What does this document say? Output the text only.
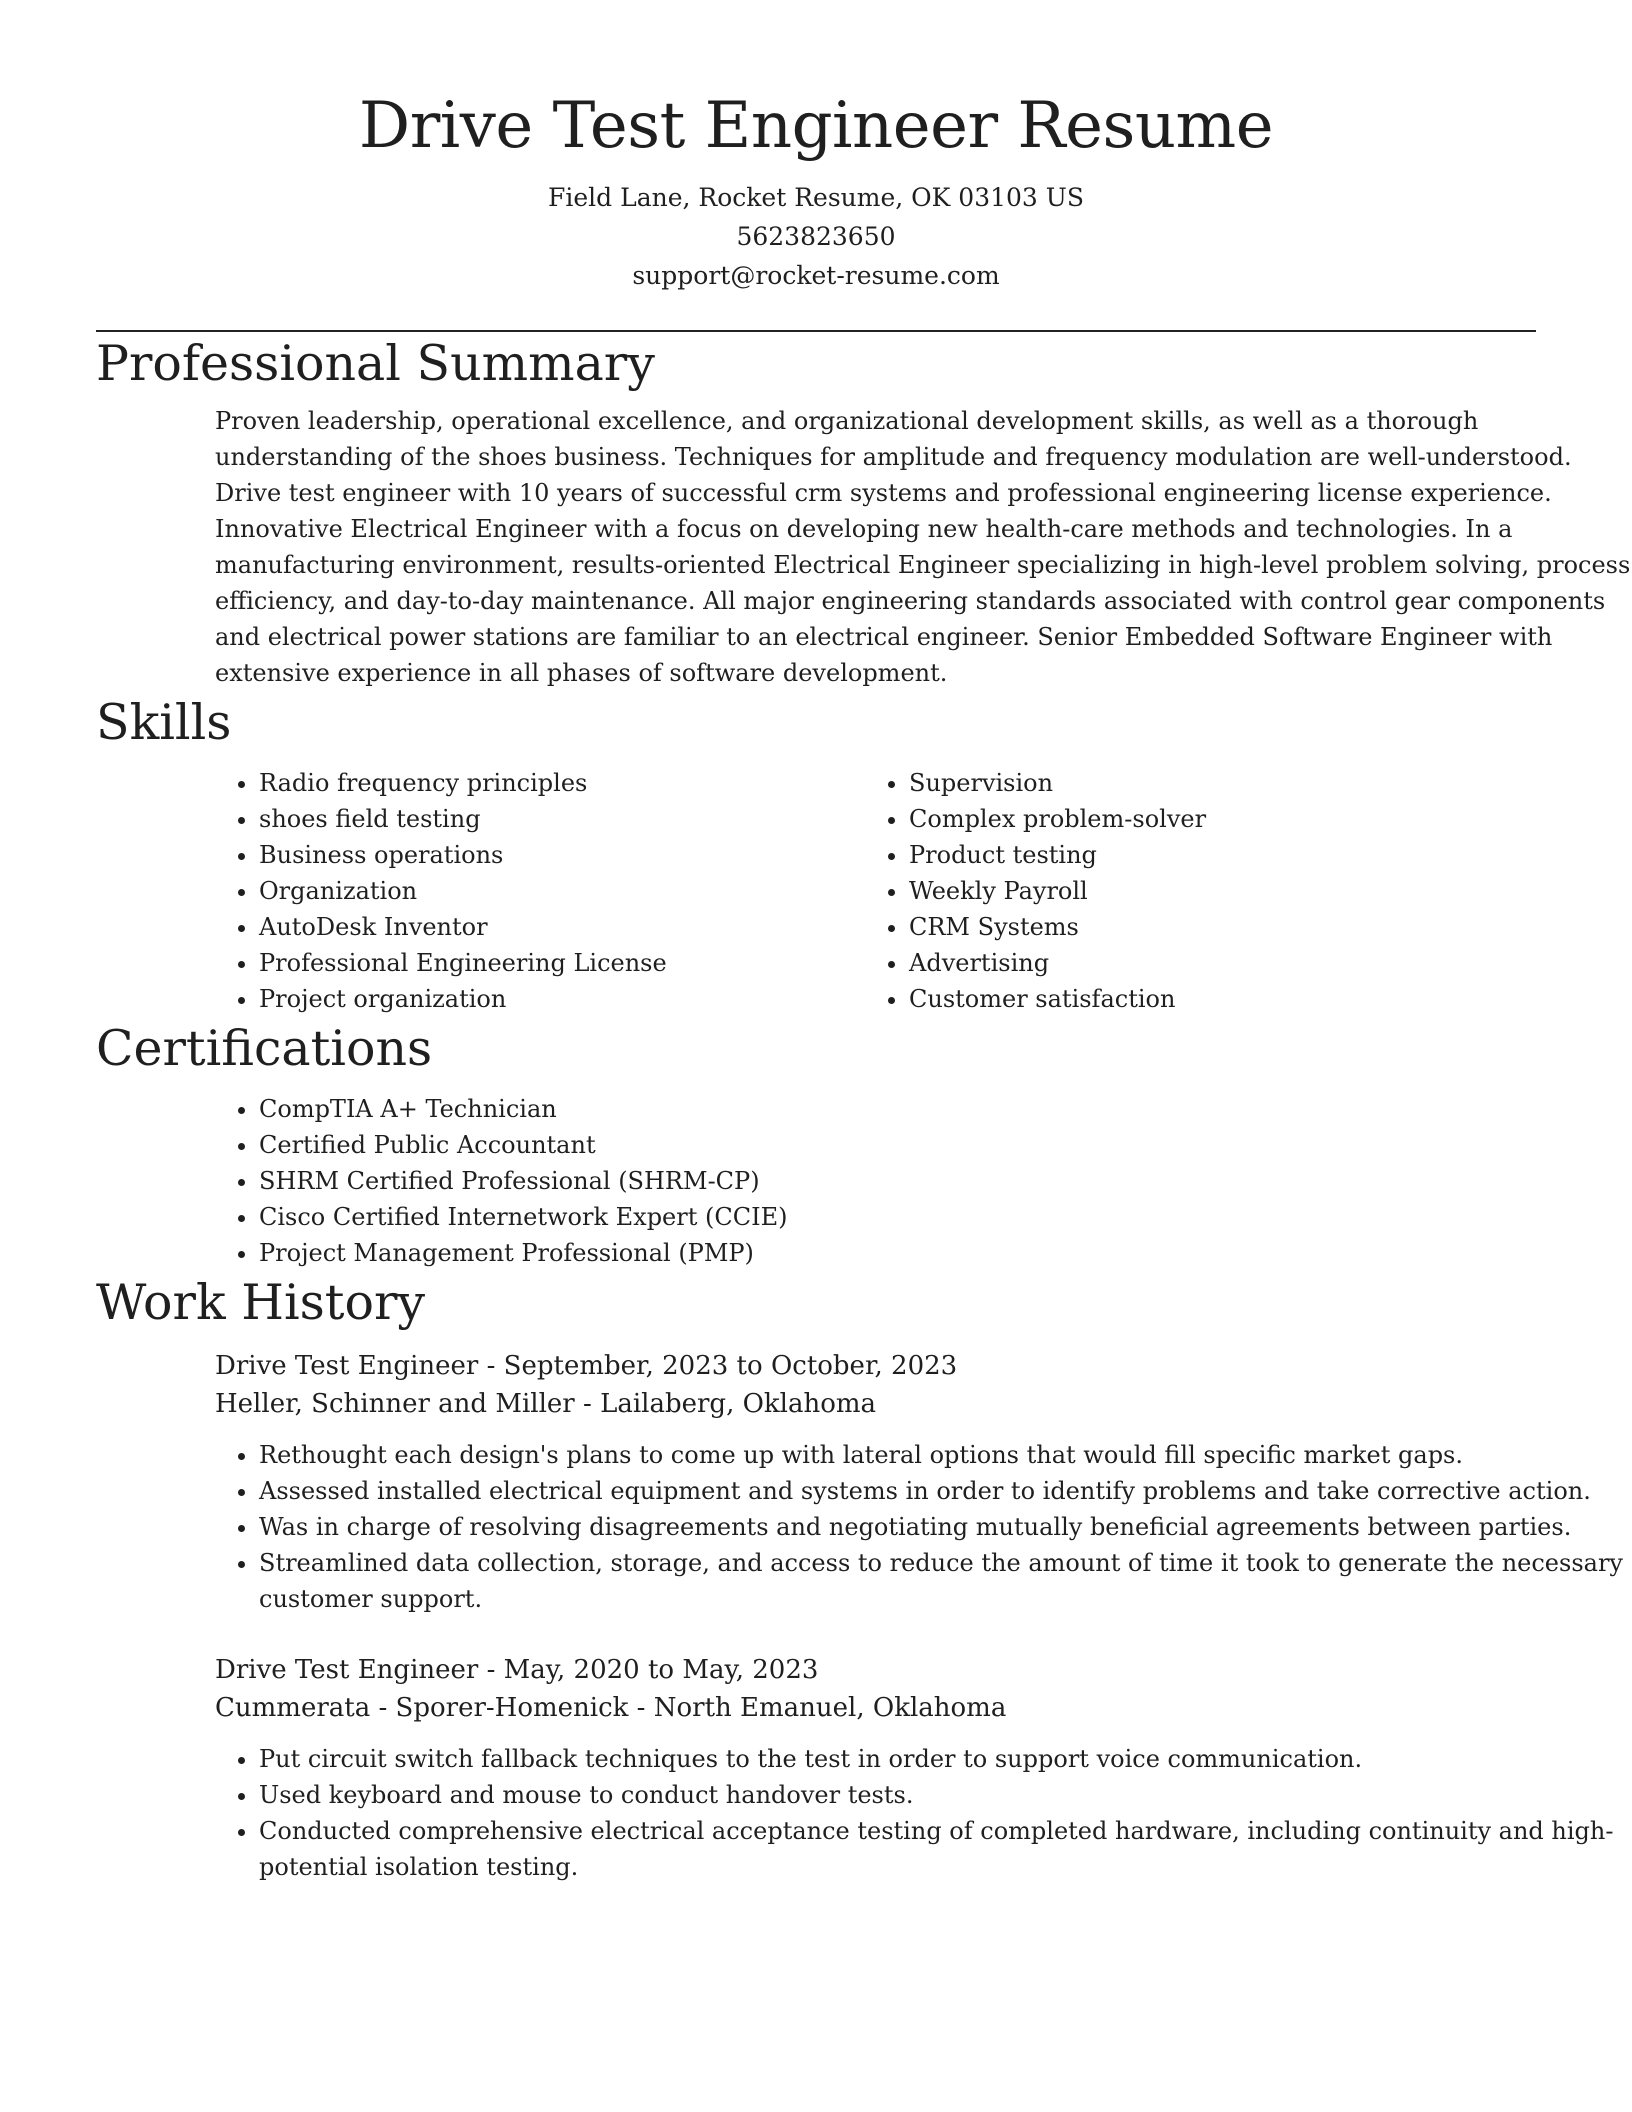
Drive Test Engineer Resume

Field Lane, Rocket Resume, OK 03103 US

5623823650

support@rocket-resume.com

Professional Summary

Proven leadership, operational excellence, and organizational development skills, as well as a thorough understanding of the shoes business. Techniques for amplitude and frequency modulation are well-understood. Drive test engineer with 10 years of successful crm systems and professional engineering license experience. Innovative Electrical Engineer with a focus on developing new health-care methods and technologies. In a manufacturing environment, results-oriented Electrical Engineer specializing in high-level problem solving, process efficiency, and day-to-day maintenance. All major engineering standards associated with control gear components and electrical power stations are familiar to an electrical engineer. Senior Embedded Software Engineer with extensive experience in all phases of software development.

Skills
• Radio frequency principles
• shoes field testing
• Business operations
• Organization
• AutoDesk Inventor
• Professional Engineering License
• Project organization
• Supervision
• Complex problem-solver
• Product testing
• Weekly Payroll
• CRM Systems
• Advertising
• Customer satisfaction
Certifications
• CompTIA A+ Technician
• Certified Public Accountant
• SHRM Certified Professional (SHRM-CP)
• Cisco Certified Internetwork Expert (CCIE)
• Project Management Professional (PMP)
Work History

Drive Test Engineer - September, 2023 to October, 2023

Heller, Schinner and Miller - Lailaberg, Oklahoma

• Rethought each design's plans to come up with lateral options that would fill specific market gaps.
• Assessed installed electrical equipment and systems in order to identify problems and take corrective action.
• Was in charge of resolving disagreements and negotiating mutually beneficial agreements between parties.
• Streamlined data collection, storage, and access to reduce the amount of time it took to generate the necessary customer support.

Drive Test Engineer - May, 2020 to May, 2023

Cummerata - Sporer-Homenick - North Emanuel, Oklahoma

• Put circuit switch fallback techniques to the test in order to support voice communication.
• Used keyboard and mouse to conduct handover tests.
• Conducted comprehensive electrical acceptance testing of completed hardware, including continuity and high-potential isolation testing.
